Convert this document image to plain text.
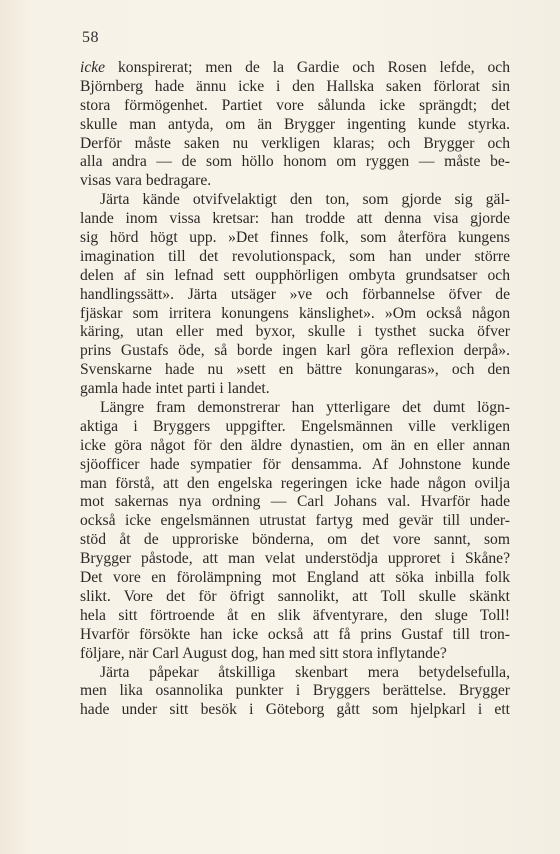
58
icke konspirerat; men de la Gardie och Rosen lefde, och
Björnberg hade ännu icke i den Hallska saken förlorat sin
stora förmögenhet. Partiet vore sålunda icke sprängdt; det
skulle man antyda, om än Brygger ingenting kunde styrka.
Derför måste saken nu verkligen klaras; och Brygger och
alla andra — de som höllo honom om ryggen — måste be-
visas vara bedragare.
Järta kände otvifvelaktigt den ton, som gjorde sig gäl-
lande inom vissa kretsar: han trodde att denna visa gjorde
sig hörd högt upp. »Det finnes folk, som återföra kungens
imagination till det revolutionspack, som han under större
delen af sin lefnad sett oupphörligen ombyta grundsatser och
handlingssätt». Järta utsäger »ve och förbannelse öfver de
fjäskar som irritera konungens känslighet». »Om också någon
käring, utan eller med byxor, skulle i tysthet sucka öfver
prins Gustafs öde, så borde ingen karl göra reflexion derpå».
Svenskarne hade nu »sett en bättre konungaras», och den
gamla hade intet parti i landet.
Längre fram demonstrerar han ytterligare det dumt lögn-
aktiga i Bryggers uppgifter. Engelsmännen ville verkligen
icke göra något för den äldre dynastien, om än en eller annan
sjöofficer hade sympatier för densamma. Af Johnstone kunde
man förstå, att den engelska regeringen icke hade någon ovilja
mot sakernas nya ordning — Carl Johans val. Hvarför hade
också icke engelsmännen utrustat fartyg med gevär till under-
stöd åt de upproriske bönderna, om det vore sannt, som
Brygger påstode, att man velat understödja upproret i Skåne?
Det vore en förolämpning mot England att söka inbilla folk
slikt. Vore det för öfrigt sannolikt, att Toll skulle skänkt
hela sitt förtroende åt en slik äfventyrare, den sluge Toll!
Hvarför försökte han icke också att få prins Gustaf till tron-
följare, när Carl August dog, han med sitt stora inflytande?
Järta påpekar åtskilliga skenbart mera betydelsefulla,
men lika osannolika punkter i Bryggers berättelse. Brygger
hade under sitt besök i Göteborg gått som hjelpkarl i ett
